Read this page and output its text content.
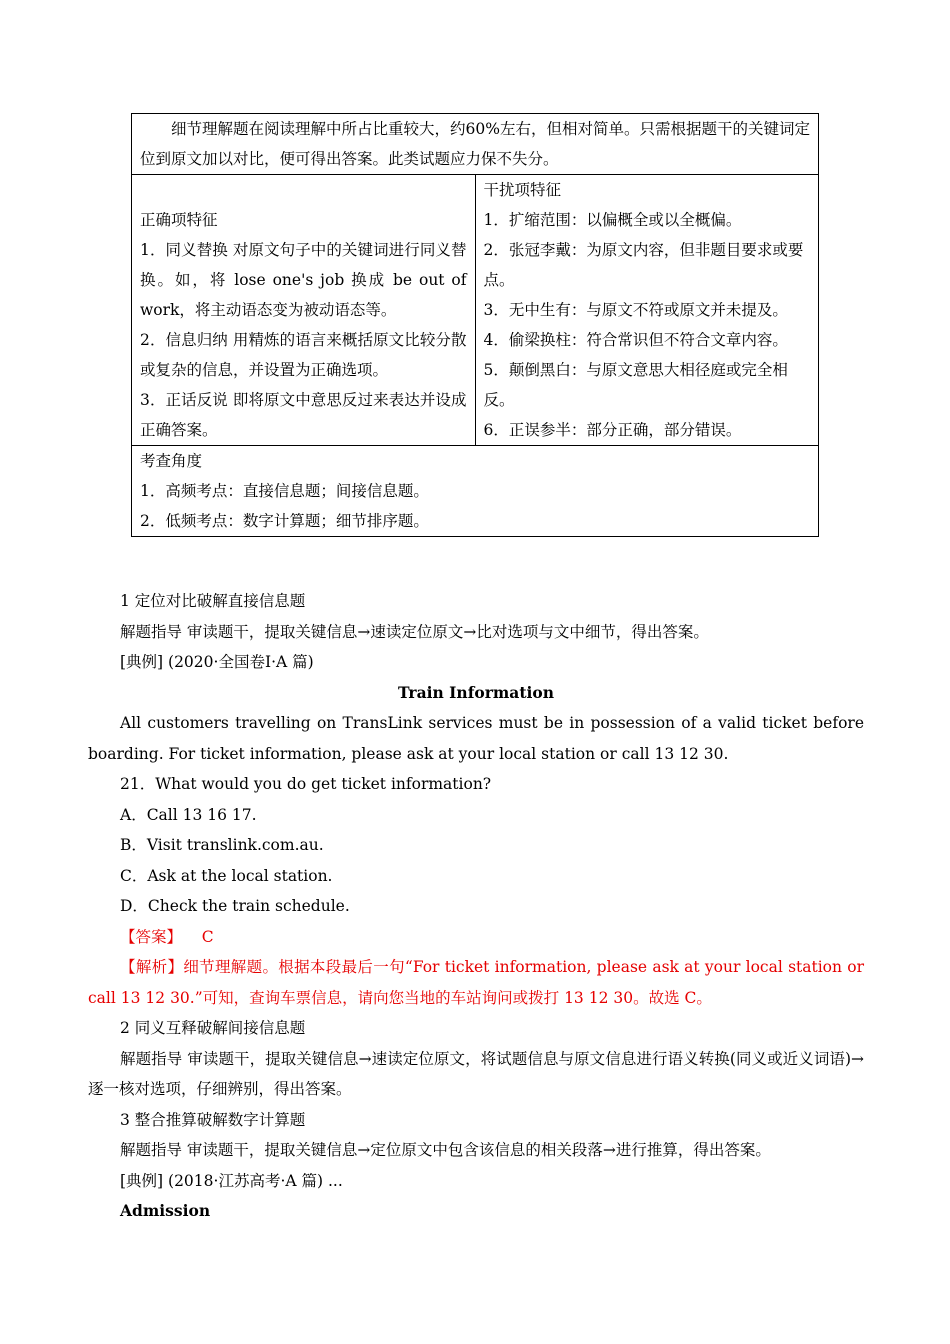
细节理解题在阅读理解中所占比重较大，约60%左右，但相对简单。只需根据题干的关键词定位到原文加以对比，便可得出答案。此类试题应力保不失分。

正确项特征
1．同义替换 对原文句子中的关键词进行同义替换。如，将 lose one's job 换成 be out of work，将主动语态变为被动语态等。
2．信息归纳 用精炼的语言来概括原文比较分散或复杂的信息，并设置为正确选项。
3．正话反说 即将原文中意思反过来表达并设成正确答案。

干扰项特征
1．扩缩范围：以偏概全或以全概偏。
2．张冠李戴：为原文内容，但非题目要求或要点。
3．无中生有：与原文不符或原文并未提及。
4．偷梁换柱：符合常识但不符合文章内容。
5．颠倒黑白：与原文意思大相径庭或完全相反。
6．正误参半：部分正确，部分错误。

考查角度
1．高频考点：直接信息题；间接信息题。
2．低频考点：数字计算题；细节排序题。

1 定位对比破解直接信息题

解题指导 审读题干，提取关键信息→速读定位原文→比对选项与文中细节，得出答案。

[典例] (2020·全国卷Ⅰ·A 篇)

Train Information

All customers travelling on TransLink services must be in possession of a valid ticket before boarding. For ticket information, please ask at your local station or call 13 12 30.

21．What would you do get ticket information?

A．Call 13 16 17.

B．Visit translink.com.au.

C．Ask at the local station.

D．Check the train schedule.

【答案】 C

【解析】细节理解题。根据本段最后一句“For ticket information, please ask at your local station or call 13 12 30.”可知，查询车票信息，请向您当地的车站询问或拨打 13 12 30。故选 C。

2 同义互释破解间接信息题

解题指导 审读题干，提取关键信息→速读定位原文，将试题信息与原文信息进行语义转换(同义或近义词语)→逐一核对选项，仔细辨别，得出答案。

3 整合推算破解数字计算题

解题指导 审读题干，提取关键信息→定位原文中包含该信息的相关段落→进行推算，得出答案。

[典例] (2018·江苏高考·A 篇) ...

Admission
